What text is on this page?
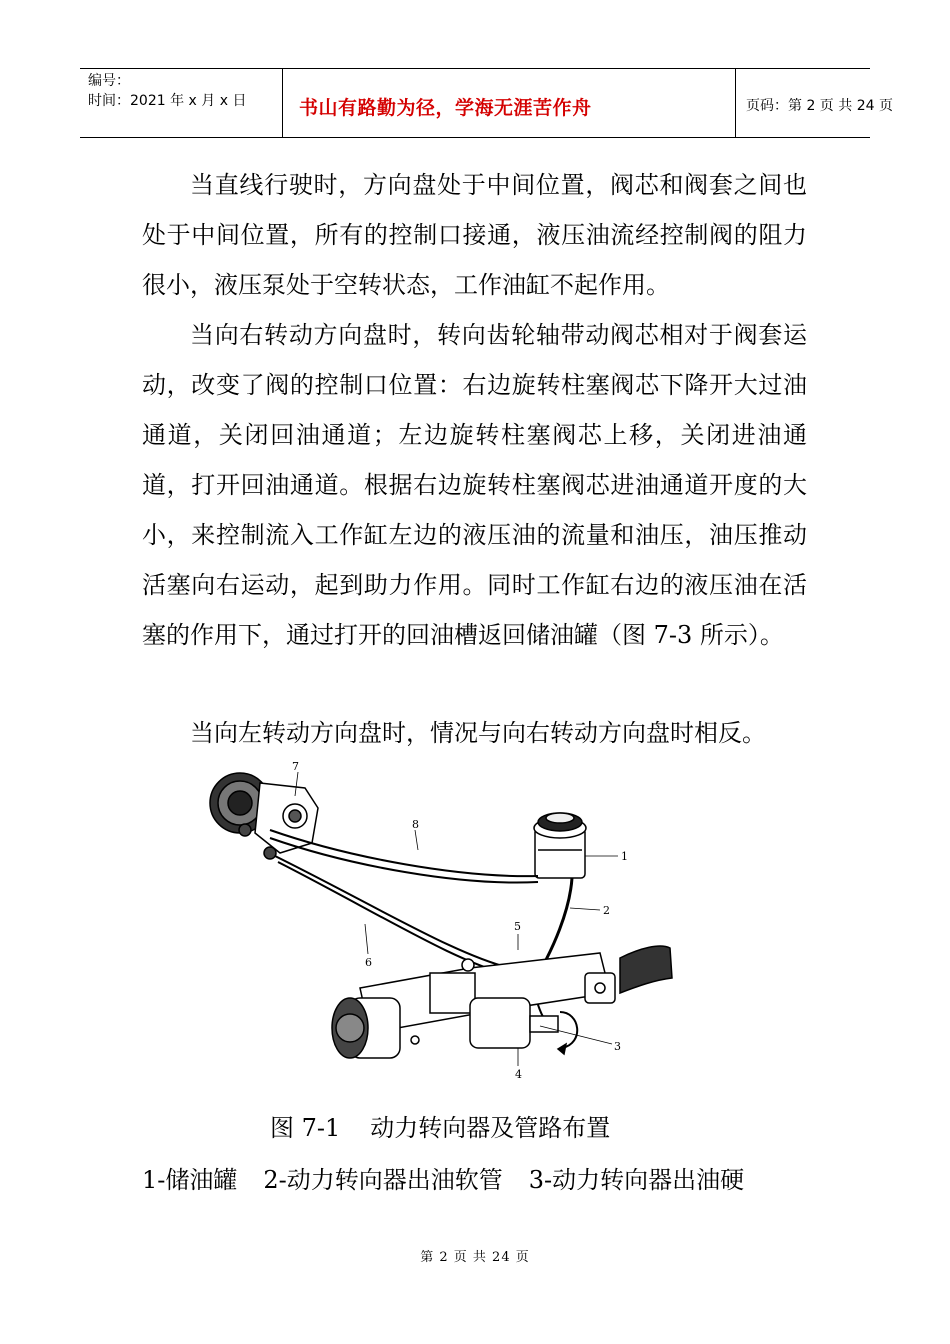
编号：
时间：2021 年 x 月 x 日	书山有路勤为径，学海无涯苦作舟	页码：第 2 页 共 24 页

当直线行驶时，方向盘处于中间位置，阀芯和阀套之间也处于中间位置，所有的控制口接通，液压油流经控制阀的阻力很小，液压泵处于空转状态，工作油缸不起作用。

当向右转动方向盘时，转向齿轮轴带动阀芯相对于阀套运动，改变了阀的控制口位置：右边旋转柱塞阀芯下降开大过油通道，关闭回油通道；左边旋转柱塞阀芯上移，关闭进油通道，打开回油通道。根据右边旋转柱塞阀芯进油通道开度的大小，来控制流入工作缸左边的液压油的流量和油压，油压推动活塞向右运动，起到助力作用。同时工作缸右边的液压油在活塞的作用下，通过打开的回油槽返回储油罐（图 7-3 所示）。

当向左转动方向盘时，情况与向右转动方向盘时相反。

1
2
3
4
5
6
7
8
图 7-1 动力转向器及管路布置
1-储油罐 2-动力转向器出油软管 3-动力转向器出油硬
第 2 页 共 24 页
